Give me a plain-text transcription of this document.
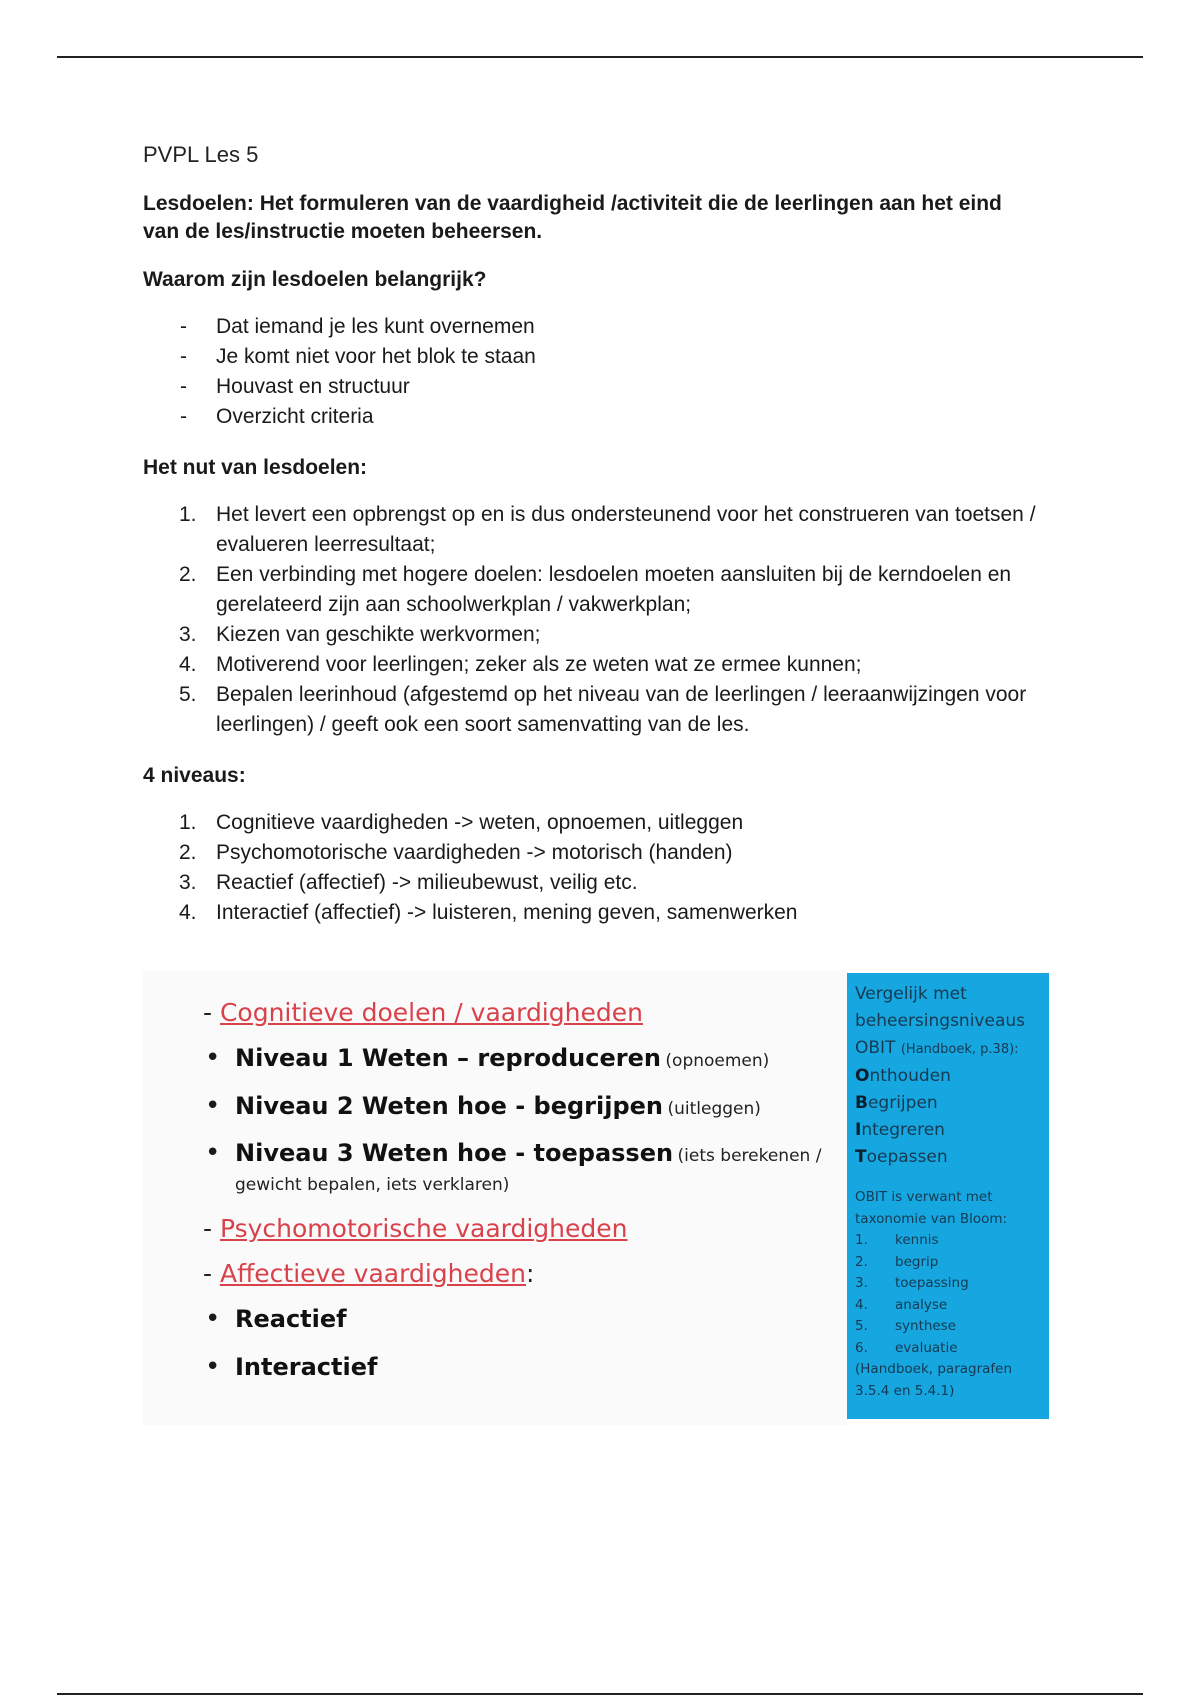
PVPL Les 5
Lesdoelen: Het formuleren van de vaardigheid /activiteit die de leerlingen aan het eind van de les/instructie moeten beheersen.
Waarom zijn lesdoelen belangrijk?
- Dat iemand je les kunt overnemen
- Je komt niet voor het blok te staan
- Houvast en structuur
- Overzicht criteria
Het nut van lesdoelen:
1. Het levert een opbrengst op en is dus ondersteunend voor het construeren van toetsen / evalueren leerresultaat;
2. Een verbinding met hogere doelen: lesdoelen moeten aansluiten bij de kerndoelen en gerelateerd zijn aan schoolwerkplan / vakwerkplan;
3. Kiezen van geschikte werkvormen;
4. Motiverend voor leerlingen; zeker als ze weten wat ze ermee kunnen;
5. Bepalen leerinhoud (afgestemd op het niveau van de leerlingen / leeraanwijzingen voor leerlingen) / geeft ook een soort samenvatting van de les.
4 niveaus:
1. Cognitieve vaardigheden -> weten, opnoemen, uitleggen
2. Psychomotorische vaardigheden -> motorisch (handen)
3. Reactief (affectief) -> milieubewust, veilig etc.
4. Interactief (affectief) -> luisteren, mening geven, samenwerken
- Cognitieve doelen / vaardigheden
• Niveau 1 Weten – reproduceren (opnoemen)
• Niveau 2 Weten hoe - begrijpen (uitleggen)
• Niveau 3 Weten hoe - toepassen (iets berekenen / gewicht bepalen, iets verklaren)
- Psychomotorische vaardigheden
- Affectieve vaardigheden:
• Reactief
• Interactief
Vergelijk met
beheersingsniveaus
OBIT (Handboek, p.38):
Onthouden
Begrijpen
Integreren
Toepassen
OBIT is verwant met
taxonomie van Bloom:
1. kennis
2. begrip
3. toepassing
4. analyse
5. synthese
6. evaluatie
(Handboek, paragrafen
3.5.4 en 5.4.1)
